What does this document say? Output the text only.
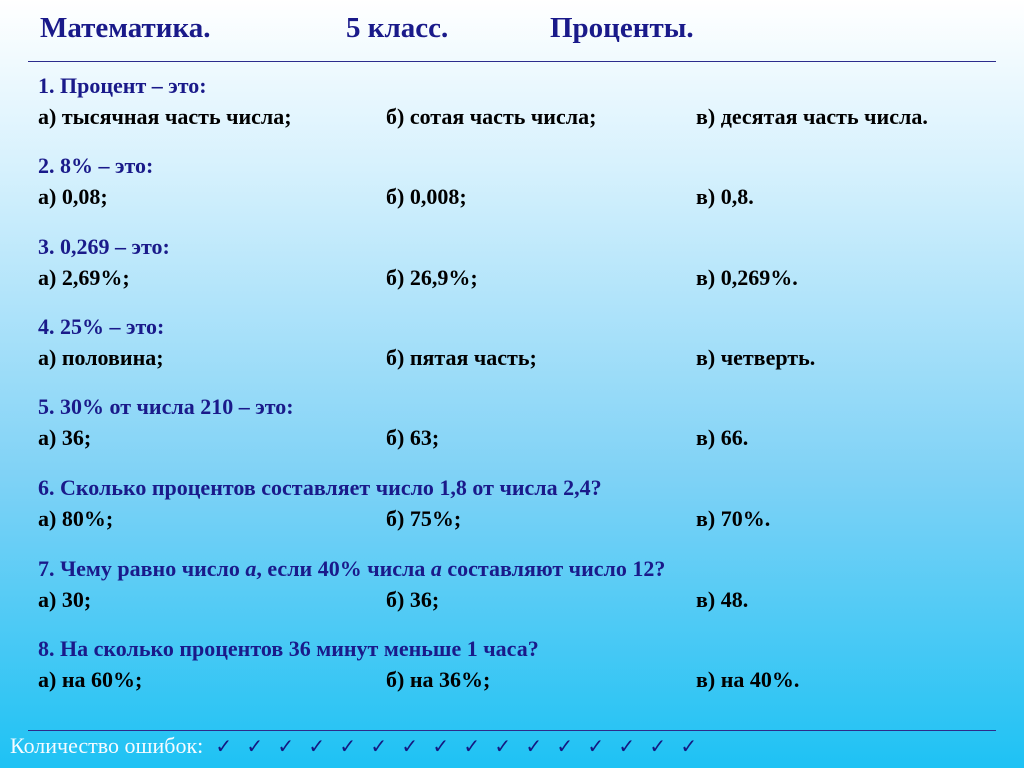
Математика.	5 класс.	Проценты.
1. Процент – это:
а) тысячная часть числа;	б) сотая часть числа;	в) десятая часть числа.
2. 8% – это:
а) 0,08;	б) 0,008;	в) 0,8.
3. 0,269 – это:
а) 2,69%;	б) 26,9%;	в) 0,269%.
4. 25% – это:
а) половина;	б) пятая часть;	в) четверть.
5. 30% от числа 210 – это:
а) 36;	б) 63;	в) 66.
6. Сколько процентов составляет число 1,8 от числа 2,4?
а) 80%;	б) 75%;	в) 70%.
7. Чему равно число а, если 40% числа а составляют число 12?
а) 30;	б) 36;	в) 48.
8. На сколько процентов 36 минут меньше 1 часа?
а) на 60%;	б) на 36%;	в) на 40%.
Количество ошибок: ✓ ✓ ✓ ✓ ✓ ✓ ✓ ✓ ✓ ✓ ✓ ✓ ✓ ✓ ✓ ✓
